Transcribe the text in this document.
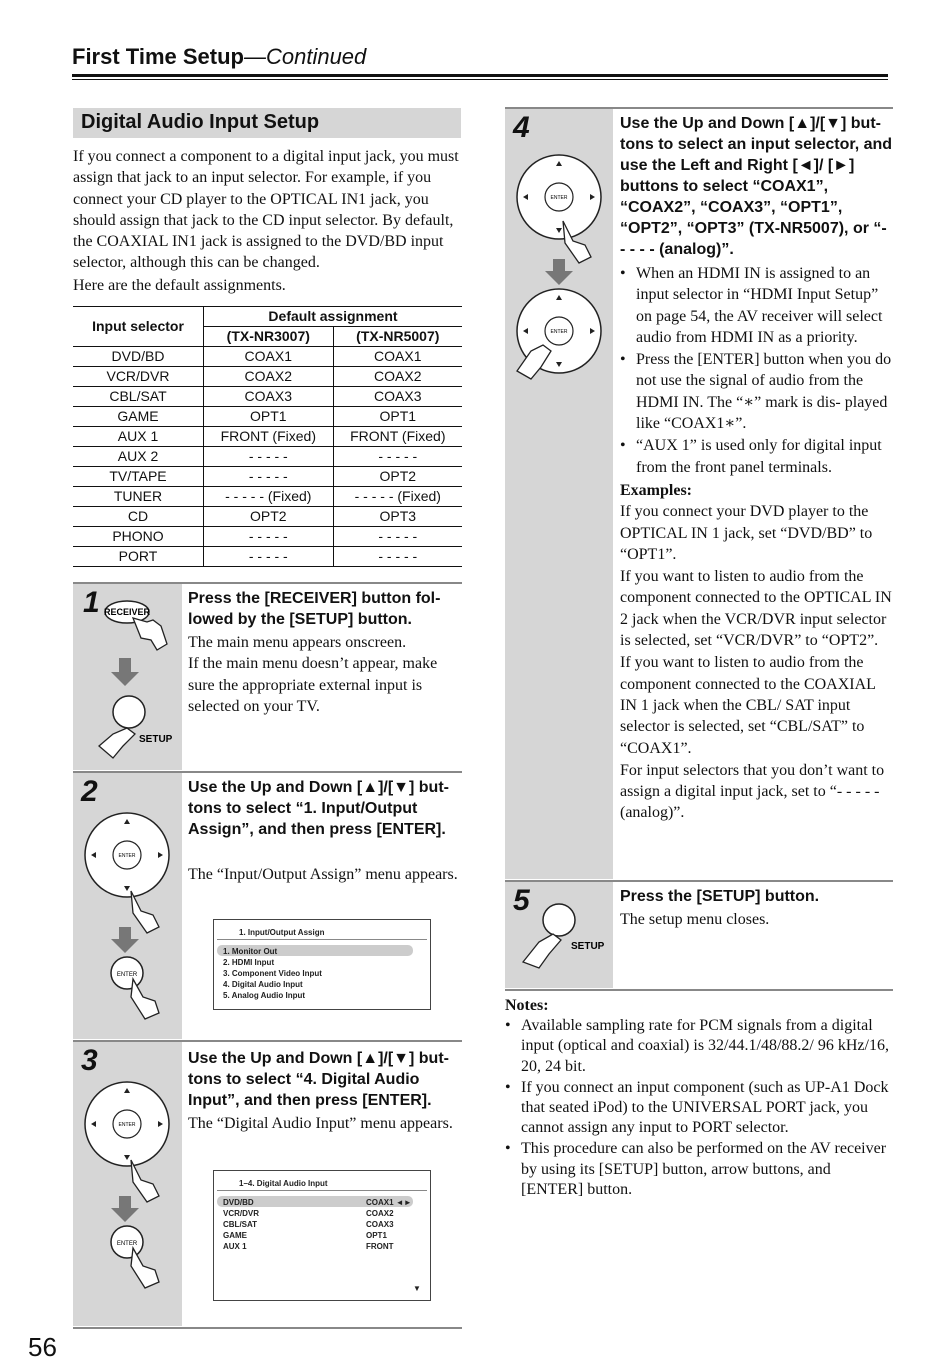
First Time Setup—Continued
Digital Audio Input Setup
If you connect a component to a digital input jack, you must assign that jack to an input selector. For example, if you connect your CD player to the OPTICAL IN1 jack, you should assign that jack to the CD input selector. By default, the COAXIAL IN1 jack is assigned to the DVD/BD input selector, although this can be changed.
Here are the default assignments.
Input selector	Default assignment	
	(TX-NR3007)	(TX-NR5007)
DVD/BD	COAX1	COAX1
VCR/DVR	COAX2	COAX2
CBL/SAT	COAX3	COAX3
GAME	OPT1	OPT1
AUX 1	FRONT (Fixed)	FRONT (Fixed)
AUX 2	- - - - -	- - - - -
TV/TAPE	- - - - -	OPT2
TUNER	- - - - - (Fixed)	- - - - - (Fixed)
CD	OPT2	OPT3
PHONO	- - - - -	- - - - -
PORT	- - - - -	- - - - -
1 RECEIVER
SETUP
Press the [RECEIVER] button fol- lowed by the [SETUP] button.

The main menu appears onscreen.

If the main menu doesn’t appear, make sure the appropriate external input is selected on your TV.

2
ENTER
ENTER
Use the Up and Down [▲]/[▼] but- tons to select “1. Input/Output Assign”, and then press [ENTER].
The “Input/Output Assign” menu appears.
1. Input/Output Assign
1. Monitor Out
2. HDMI Input
3. Component Video Input
4. Digital Audio Input
5. Analog Audio Input
3
ENTER
ENTER
Use the Up and Down [▲]/[▼] but- tons to select “4. Digital Audio Input”, and then press [ENTER].
The “Digital Audio Input” menu appears.
1–4. Digital Audio Input
DVD/BD	COAX1 ◄►
VCR/DVR	COAX2
CBL/SAT	COAX3
GAME	OPT1
AUX 1	FRONT
▼
4
ENTER
ENTER
Use the Up and Down [▲]/[▼] but- tons to select an input selector, and use the Left and Right [◄]/ [►] buttons to select “COAX1”, “COAX2”, “COAX3”, “OPT1”, “OPT2”, “OPT3” (TX-NR5007), or “- - - - - (analog)”.
• When an HDMI IN is assigned to an input selector in “HDMI Input Setup” on page 54, the AV receiver will select audio from HDMI IN as a priority.
• Press the [ENTER] button when you do not use the signal of audio from the HDMI IN. The “∗” mark is dis- played like “COAX1∗”.
• “AUX 1” is used only for digital input from the front panel terminals.

Examples:

If you connect your DVD player to the OPTICAL IN 1 jack, set “DVD/BD” to “OPT1”.

If you want to listen to audio from the component connected to the OPTICAL IN 2 jack when the VCR/DVR input selector is selected, set “VCR/DVR” to “OPT2”.

If you want to listen to audio from the component connected to the COAXIAL IN 1 jack when the CBL/ SAT input selector is selected, set “CBL/SAT” to “COAX1”.

For input selectors that you don’t want to assign a digital input jack, set to “- - - - - (analog)”.

5
SETUP
Press the [SETUP] button.
The setup menu closes.

Notes:

• Available sampling rate for PCM signals from a digital input (optical and coaxial) is 32/44.1/48/88.2/ 96 kHz/16, 20, 24 bit.
• If you connect an input component (such as UP-A1 Dock that seated iPod) to the UNIVERSAL PORT jack, you cannot assign any input to PORT selector.
• This procedure can also be performed on the AV receiver by using its [SETUP] button, arrow buttons, and [ENTER] button.
56
